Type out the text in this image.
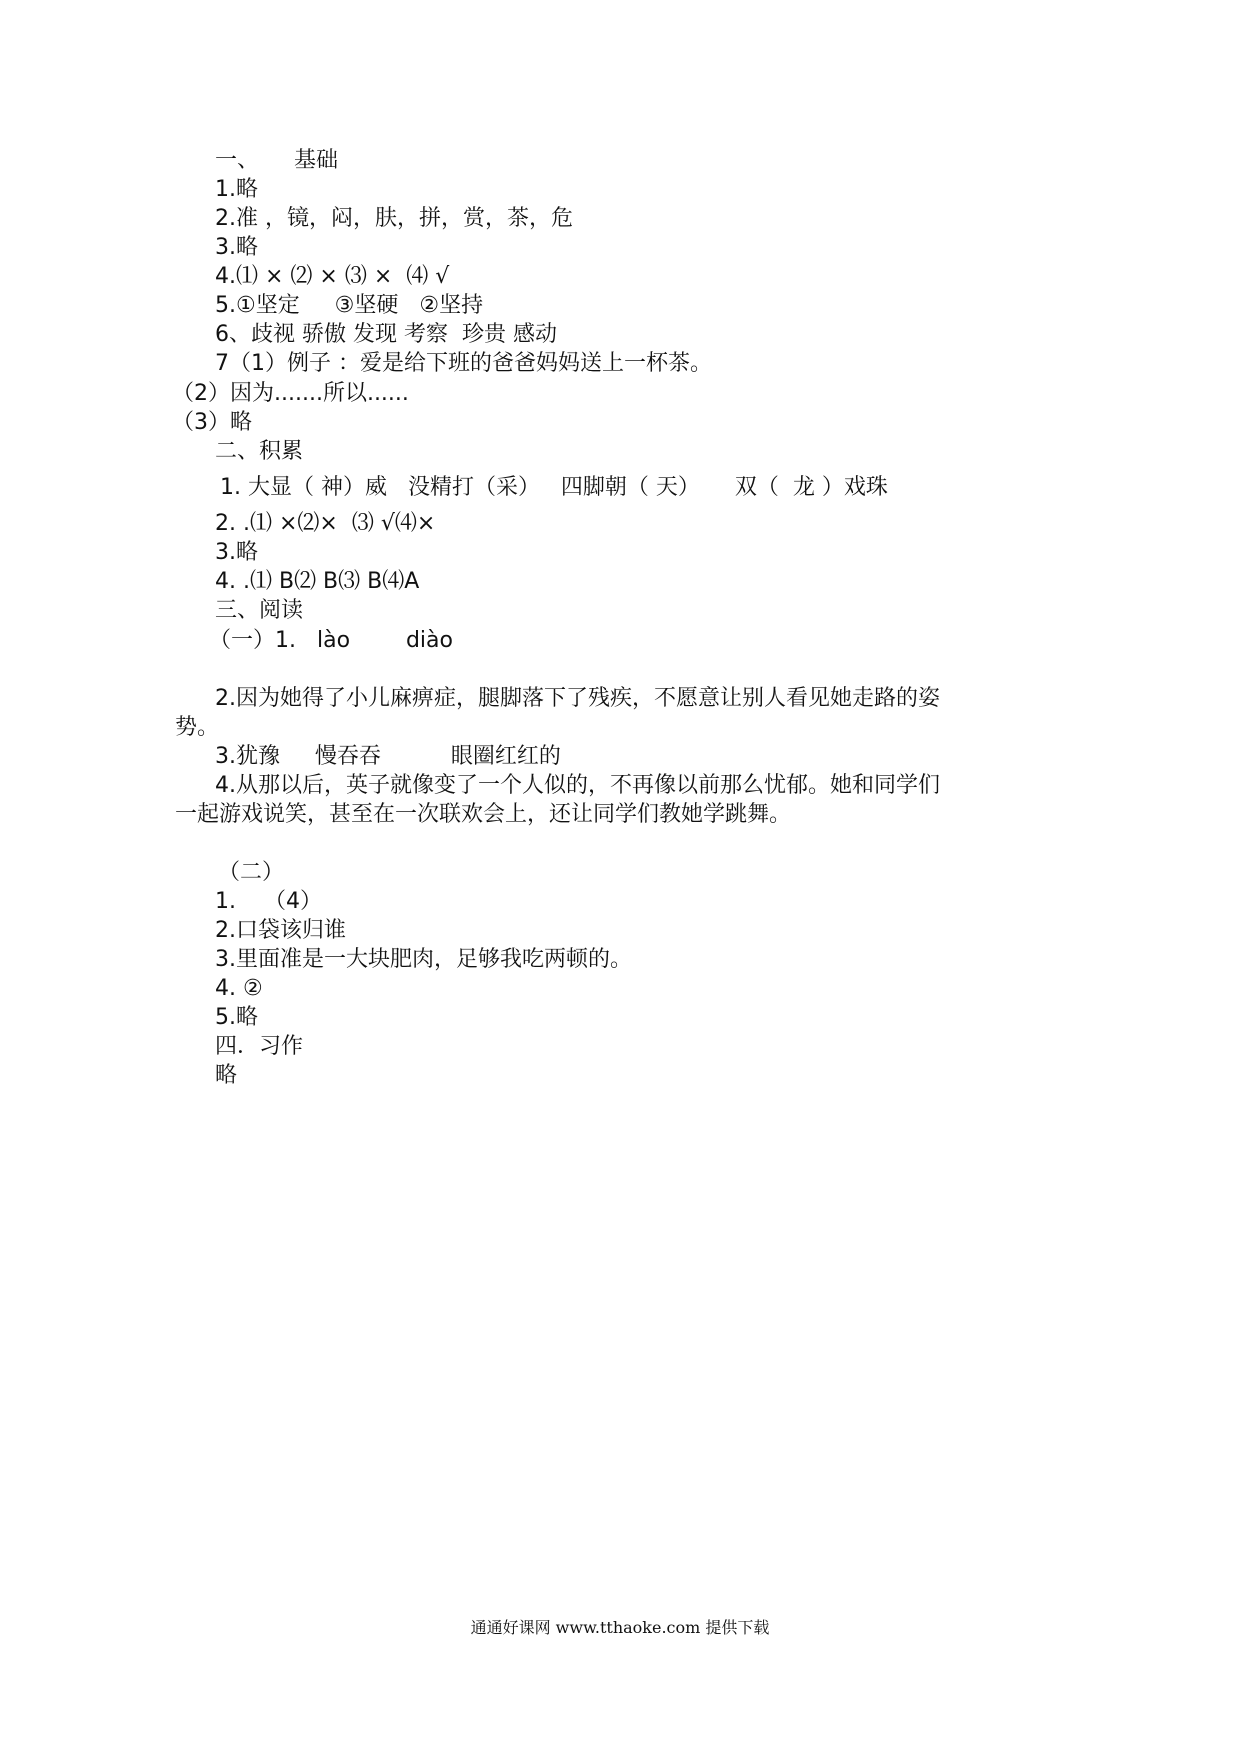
一、     基础
1.略
2.准 ，镜，闷，肤，拼，赏，茶，危
3.略
4.⑴ × ⑵ × ⑶ ×  ⑷ √
5.①坚定     ③坚硬   ②坚持
6、歧视 骄傲 发现 考察  珍贵 感动
7（1）例子 ：爱是给下班的爸爸妈妈送上一杯茶。
（2）因为.......所以......
（3）略
二、积累
1. 大显（ 神）威   没精打（采）   四脚朝（ 天）     双（  龙 ）戏珠
2. .⑴ ×⑵×  ⑶ √⑷×
3.略
4. .⑴ B⑵ B⑶ B⑷A
三、阅读
（一）1.   lào        diào
2.因为她得了小儿麻痹症，腿脚落下了残疾，不愿意让别人看见她走路的姿
势。
3.犹豫     慢吞吞          眼圈红红的
4.从那以后，英子就像变了一个人似的，不再像以前那么忧郁。她和同学们
一起游戏说笑，甚至在一次联欢会上，还让同学们教她学跳舞。
（二）
1.    （4）
2.口袋该归谁
3.里面准是一大块肥肉，足够我吃两顿的。
4. ②
5.略
四．习作
略
通通好课网 www.tthaoke.com 提供下载
